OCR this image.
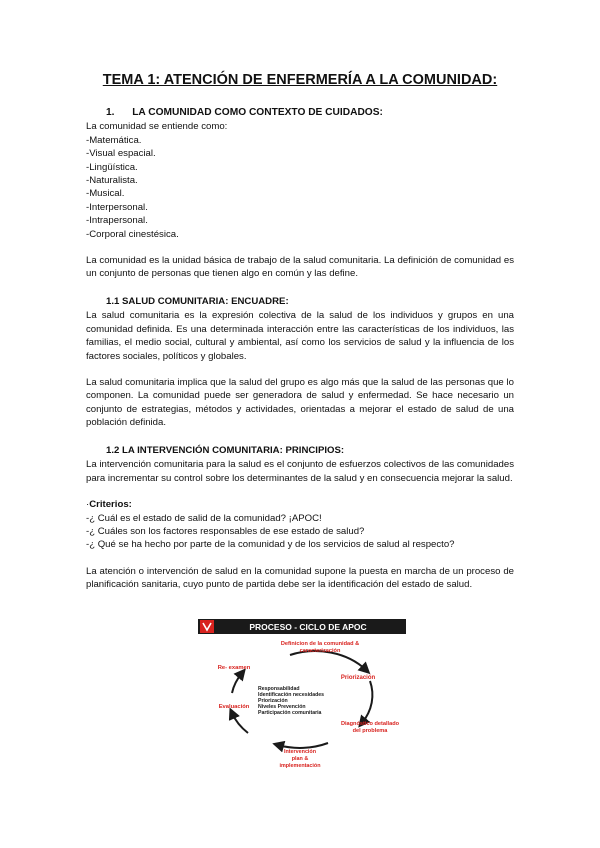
TEMA 1: ATENCIÓN DE ENFERMERÍA A LA COMUNIDAD:
1. LA COMUNIDAD COMO CONTEXTO DE CUIDADOS:
La comunidad se entiende como:
-Matemática.
-Visual espacial.
-Lingüística.
-Naturalista.
-Musical.
-Interpersonal.
-Intrapersonal.
-Corporal cinestésica.
La comunidad es la unidad básica de trabajo de la salud comunitaria. La definición de comunidad es un conjunto de personas que tienen algo en común y las define.
1.1 SALUD COMUNITARIA: ENCUADRE:
La salud comunitaria es la expresión colectiva de la salud de los individuos y grupos en una comunidad definida. Es una determinada interacción entre las características de los individuos, las familias, el medio social, cultural y ambiental, así como los servicios de salud y la influencia de los factores sociales, políticos y globales.
La salud comunitaria implica que la salud del grupo es algo más que la salud de las personas que lo componen. La comunidad puede ser generadora de salud y enfermedad. Se hace necesario un conjunto de estrategias, métodos y actividades, orientadas a mejorar el estado de salud de una población definida.
1.2 LA INTERVENCIÓN COMUNITARIA: PRINCIPIOS:
La intervención comunitaria para la salud es el conjunto de esfuerzos colectivos de las comunidades para incrementar su control sobre los determinantes de la salud y en consecuencia mejorar la salud.
·Criterios:
-¿ Cuál es el estado de salid de la comunidad? ¡APOC!
-¿ Cuáles son los factores responsables de ese estado de salud?
-¿ Qué se ha hecho por parte de la comunidad y de los servicios de salud al respecto?
La atención o intervención de salud en la comunidad supone la puesta en marcha de un proceso de planificación sanitaria, cuyo punto de partida debe ser la identificación del estado de salud.
PROCESO - CICLO DE APOC
Definicion de la comunidad &
caracterización
Priorización
Diagnóstico detallado
del problema
Intervención
plan &
implementación
Evaluación
Re- examen
Responsabilidad
Identificación necesidades
Priorización
Niveles Prevención
Participación comunitaria
